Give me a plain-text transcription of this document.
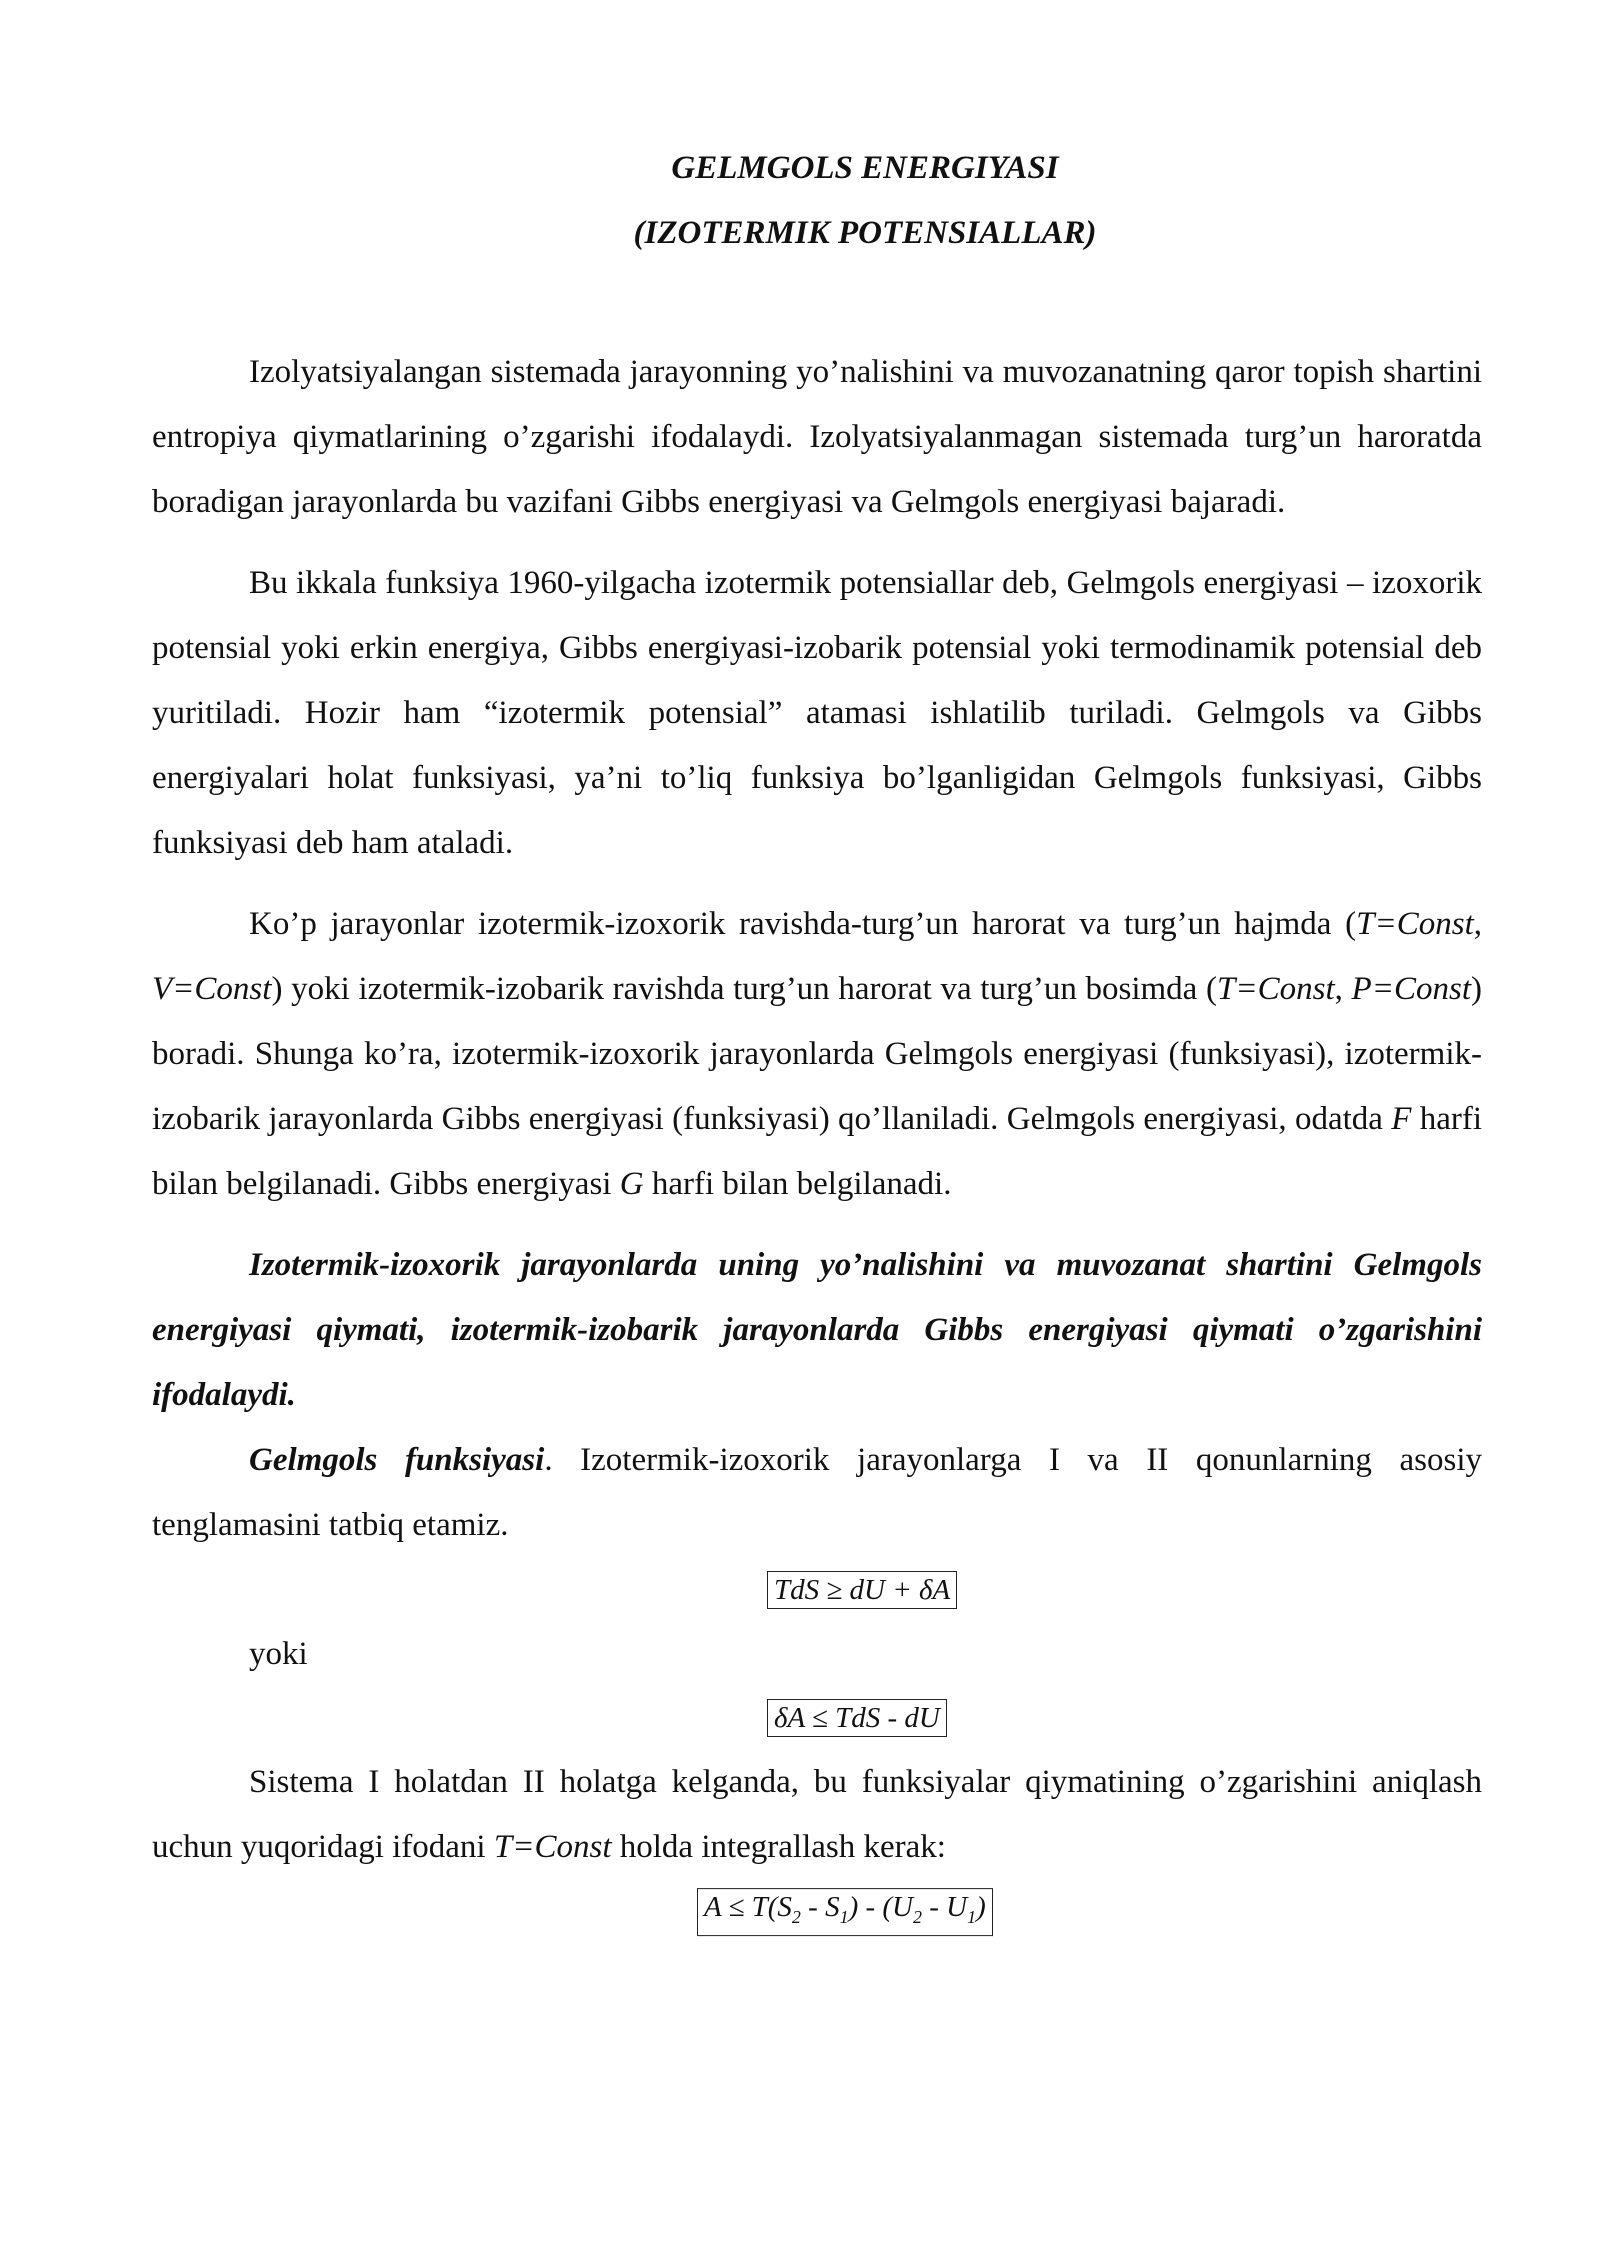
GELMGOLS ENERGIYASI
(IZOTERMIK POTENSIALLAR)

Izolyatsiyalangan sistemada jarayonning yo’nalishini va muvozanatning qaror topish shartini entropiya qiymatlarining o’zgarishi ifodalaydi. Izolyatsiyalanmagan sistemada turg’un haroratda boradigan jarayonlarda bu vazifani Gibbs energiyasi va Gelmgols energiyasi bajaradi.

Bu ikkala funksiya 1960-yilgacha izotermik potensiallar deb, Gelmgols energiyasi – izoxorik potensial yoki erkin energiya, Gibbs energiyasi-izobarik potensial yoki termodinamik potensial deb yuritiladi. Hozir ham “izotermik potensial” atamasi ishlatilib turiladi. Gelmgols va Gibbs energiyalari holat funksiyasi, ya’ni to’liq funksiya bo’lganligidan Gelmgols funksiyasi, Gibbs funksiyasi deb ham ataladi.

Ko’p jarayonlar izotermik-izoxorik ravishda-turg’un harorat va turg’un hajmda (T=Const, V=Const) yoki izotermik-izobarik ravishda turg’un harorat va turg’un bosimda (T=Const, P=Const) boradi. Shunga ko’ra, izotermik-izoxorik jarayonlarda Gelmgols energiyasi (funksiyasi), izotermik-izobarik jarayonlarda Gibbs energiyasi (funksiyasi) qo’llaniladi. Gelmgols energiyasi, odatda F harfi bilan belgilanadi. Gibbs energiyasi G harfi bilan belgilanadi.

Izotermik-izoxorik jarayonlarda uning yo’nalishini va muvozanat shartini Gelmgols energiyasi qiymati, izotermik-izobarik jarayonlarda Gibbs energiyasi qiymati o’zgarishini ifodalaydi.

Gelmgols funksiyasi. Izotermik-izoxorik jarayonlarga I va II qonunlarning asosiy tenglamasini tatbiq etamiz.

TdS ≥ dU + δA
yoki
δA ≤ TdS - dU

Sistema I holatdan II holatga kelganda, bu funksiyalar qiymatining o’zgarishini aniqlash uchun yuqoridagi ifodani T=Const holda integrallash kerak:

$A \le T(S_2 - S_1) - (U_2 - U_1)$
